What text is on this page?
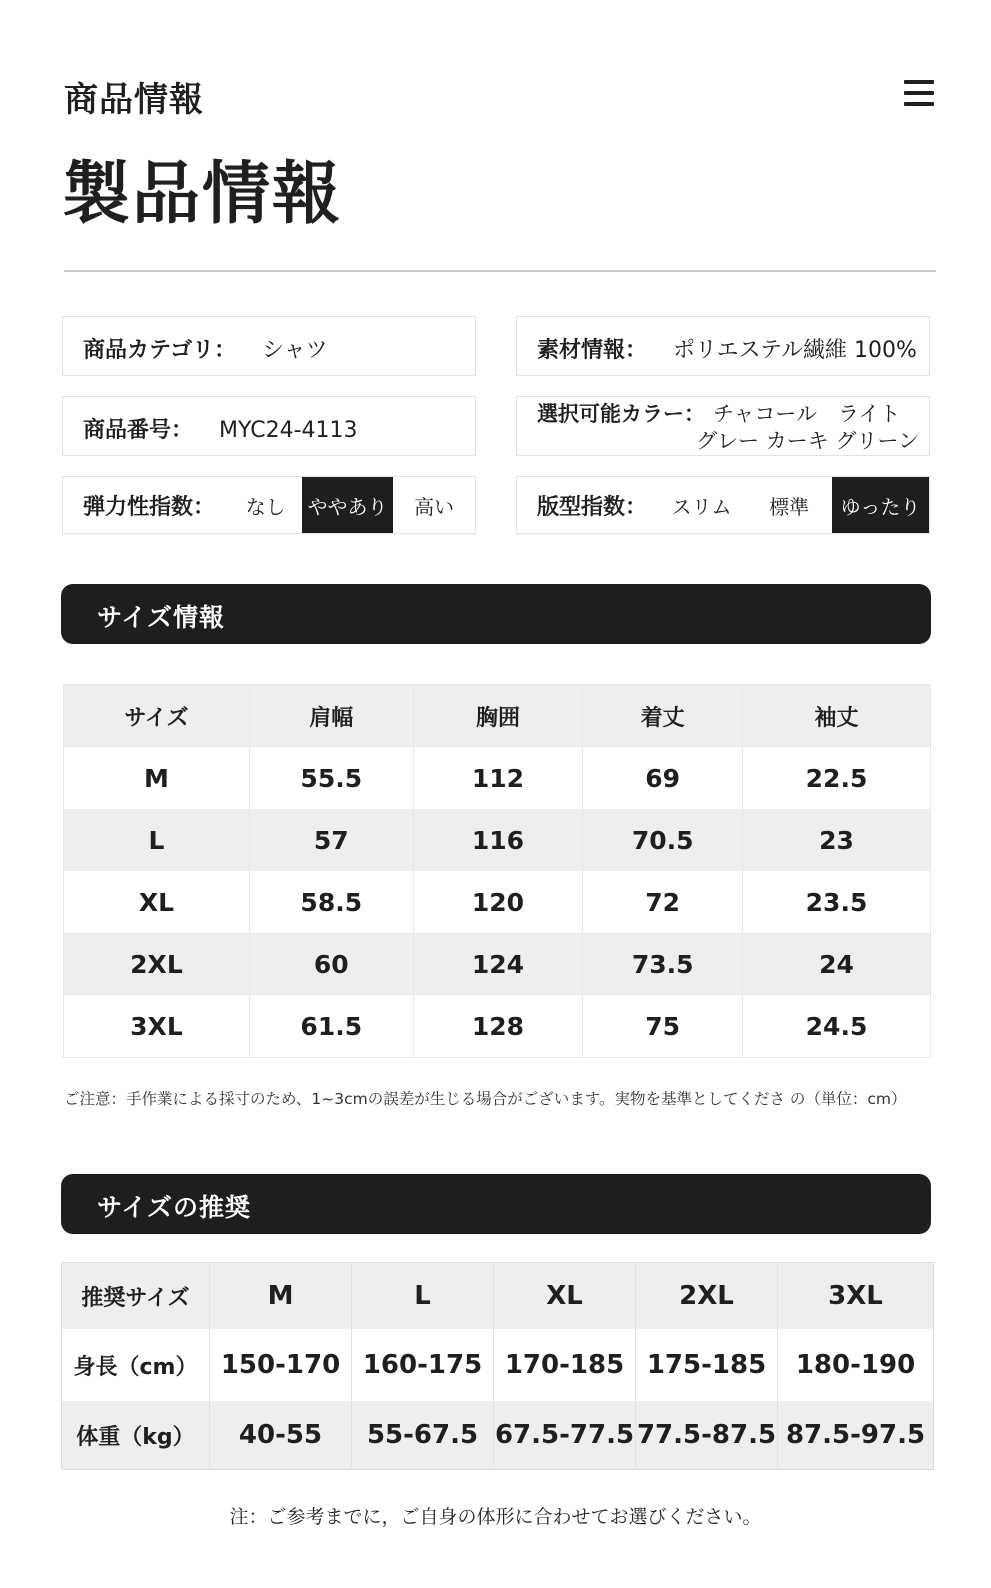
商品情報
製品情報
商品カテゴリ： シャツ	素材情報： ポリエステル繊維 100%
商品番号： MYC24-4113
選択可能カラー： チャコール　ライト
グレー カーキ グリーン
弾力性指数：	なし	ややあり	高い	版型指数：	スリム	標準	ゆったり
サイズ情報
サイズ	肩幅	胸囲	着丈	袖丈
M	55.5	112	69	22.5
L	57	116	70.5	23
XL	58.5	120	72	23.5
2XL	60	124	73.5	24
3XL	61.5	128	75	24.5
ご注意：手作業による採寸のため、1~3cmの誤差が生じる場合がございます。実物を基準としてくださ の（単位：cm）
サイズの推奨
推奨サイズ	M	L	XL	2XL	3XL
身長（cm）	150-170	160-175	170-185	175-185	180-190
体重（kg）	40-55	55-67.5	67.5-77.5	77.5-87.5	87.5-97.5
注：ご参考までに，ご自身の体形に合わせてお選びください。
